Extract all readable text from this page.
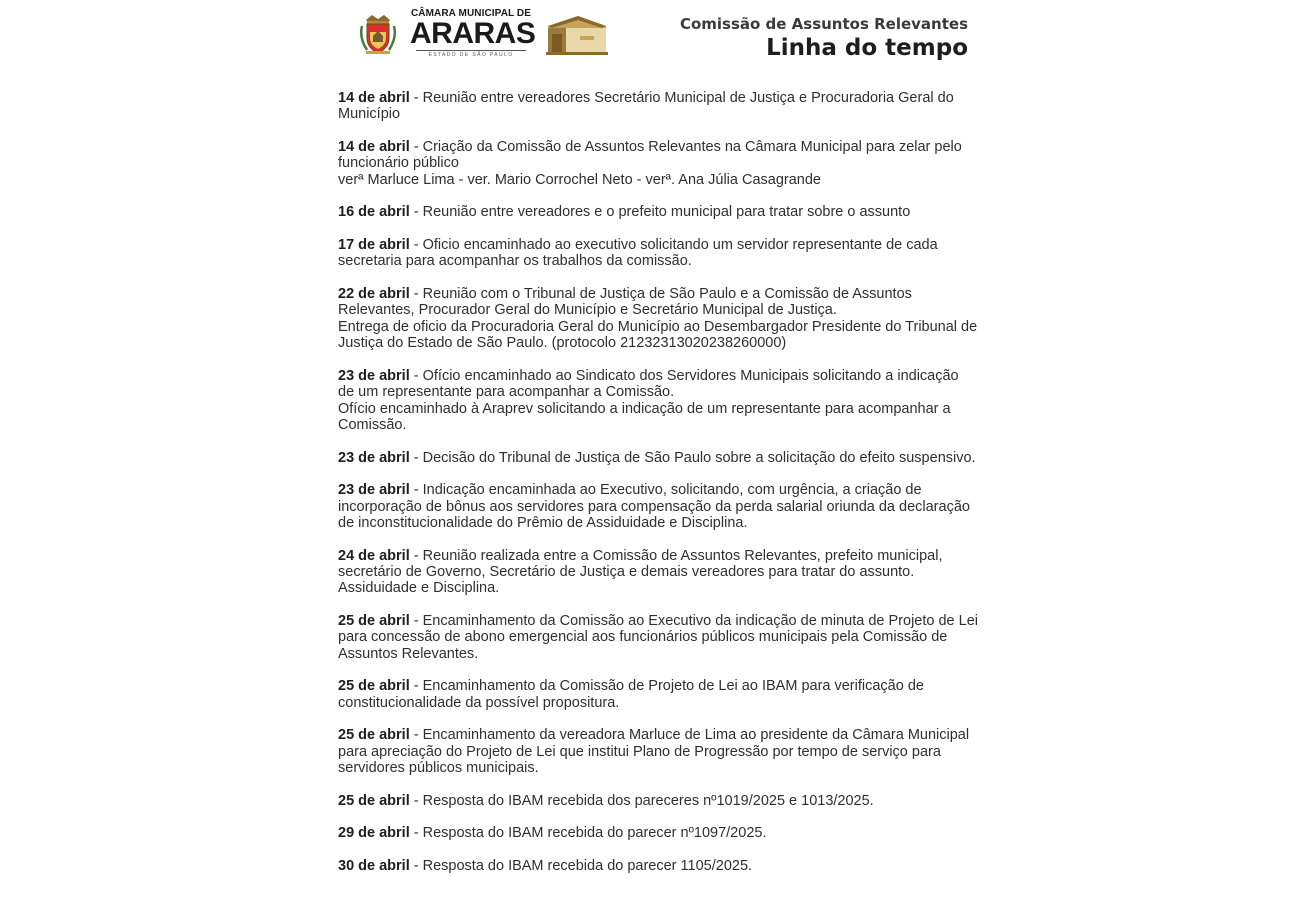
CÂMARA MUNICIPAL DE
ARARAS
ESTADO DE SÃO PAULO
Comissão de Assuntos Relevantes
Linha do tempo
14 de abril - Reunião entre vereadores Secretário Municipal de Justiça e Procuradoria Geral do Município
14 de abril - Criação da Comissão de Assuntos Relevantes na Câmara Municipal para zelar pelo funcionário público
verª Marluce Lima - ver. Mario Corrochel Neto - verª. Ana Júlia Casagrande
16 de abril - Reunião entre vereadores e o prefeito municipal para tratar sobre o assunto
17 de abril - Oficio encaminhado ao executivo solicitando um servidor representante de cada secretaria para acompanhar os trabalhos da comissão.
22 de abril - Reunião com o Tribunal de Justiça de São Paulo e a Comissão de Assuntos Relevantes, Procurador Geral do Município e Secretário Municipal de Justiça.
Entrega de oficio da Procuradoria Geral do Município ao Desembargador Presidente do Tribunal de Justiça do Estado de São Paulo. (protocolo 21232313020238260000)
23 de abril - Ofício encaminhado ao Sindicato dos Servidores Municipais solicitando a indicação de um representante para acompanhar a Comissão.
Ofício encaminhado à Araprev solicitando a indicação de um representante para acompanhar a Comissão.
23 de abril - Decisão do Tribunal de Justiça de São Paulo sobre a solicitação do efeito suspensivo.
23 de abril - Indicação encaminhada ao Executivo, solicitando, com urgência, a criação de incorporação de bônus aos servidores para compensação da perda salarial oriunda da declaração de inconstitucionalidade do Prêmio de Assiduidade e Disciplina.
24 de abril - Reunião realizada entre a Comissão de Assuntos Relevantes, prefeito municipal, secretário de Governo, Secretário de Justiça e demais vereadores para tratar do assunto.
Assiduidade e Disciplina.
25 de abril - Encaminhamento da Comissão ao Executivo da indicação de minuta de Projeto de Lei para concessão de abono emergencial aos funcionários públicos municipais pela Comissão de Assuntos Relevantes.
25 de abril - Encaminhamento da Comissão de Projeto de Lei ao IBAM para verificação de constitucionalidade da possível propositura.
25 de abril - Encaminhamento da vereadora Marluce de Lima ao presidente da Câmara Municipal para apreciação do Projeto de Lei que institui Plano de Progressão por tempo de serviço para servidores públicos municipais.
25 de abril - Resposta do IBAM recebida dos pareceres nº1019/2025 e 1013/2025.
29 de abril - Resposta do IBAM recebida do parecer nº1097/2025.
30 de abril - Resposta do IBAM recebida do parecer 1105/2025.
